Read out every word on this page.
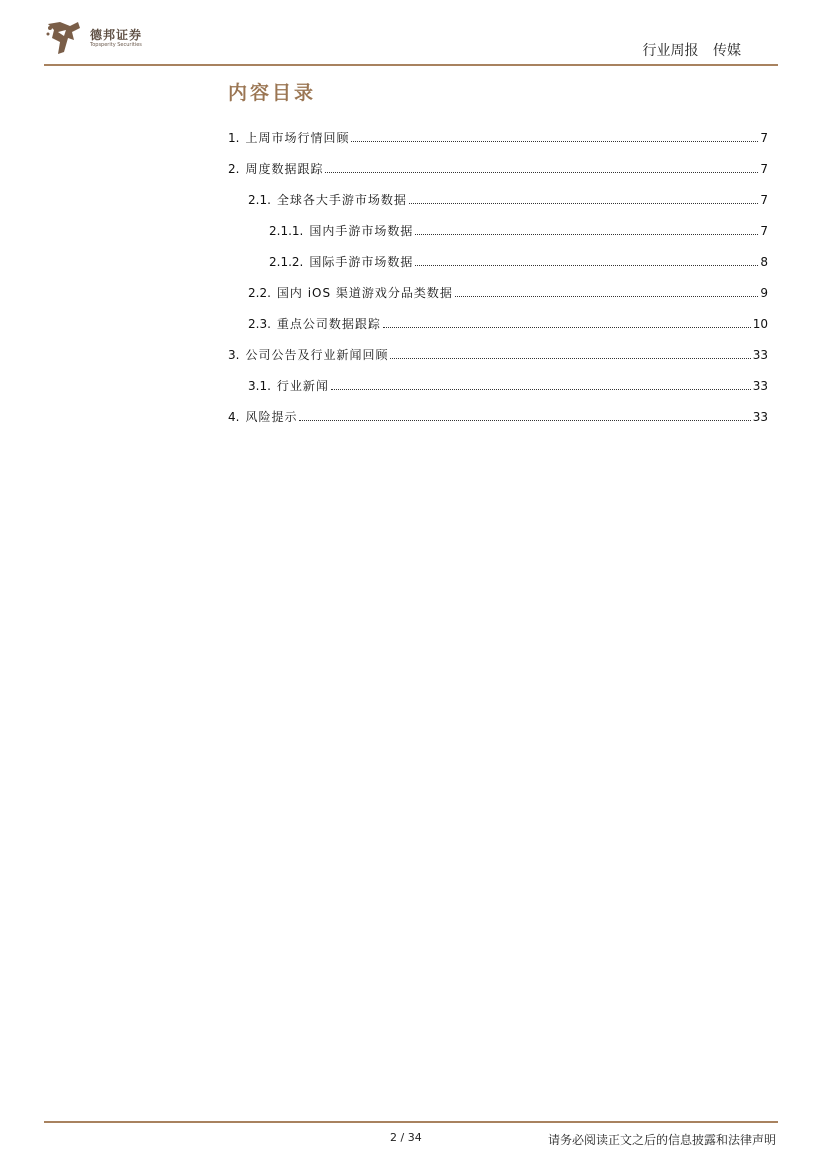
德邦证券
Topsperity Securities	行业周报 传媒
内容目录
1. 上周市场行情回顾	7
2. 周度数据跟踪	7
2.1. 全球各大手游市场数据	7
2.1.1. 国内手游市场数据	7
2.1.2. 国际手游市场数据	8
2.2. 国内 iOS 渠道游戏分品类数据	9
2.3. 重点公司数据跟踪	10
3. 公司公告及行业新闻回顾	33
3.1. 行业新闻	33
4. 风险提示	33
2 / 34	请务必阅读正文之后的信息披露和法律声明
